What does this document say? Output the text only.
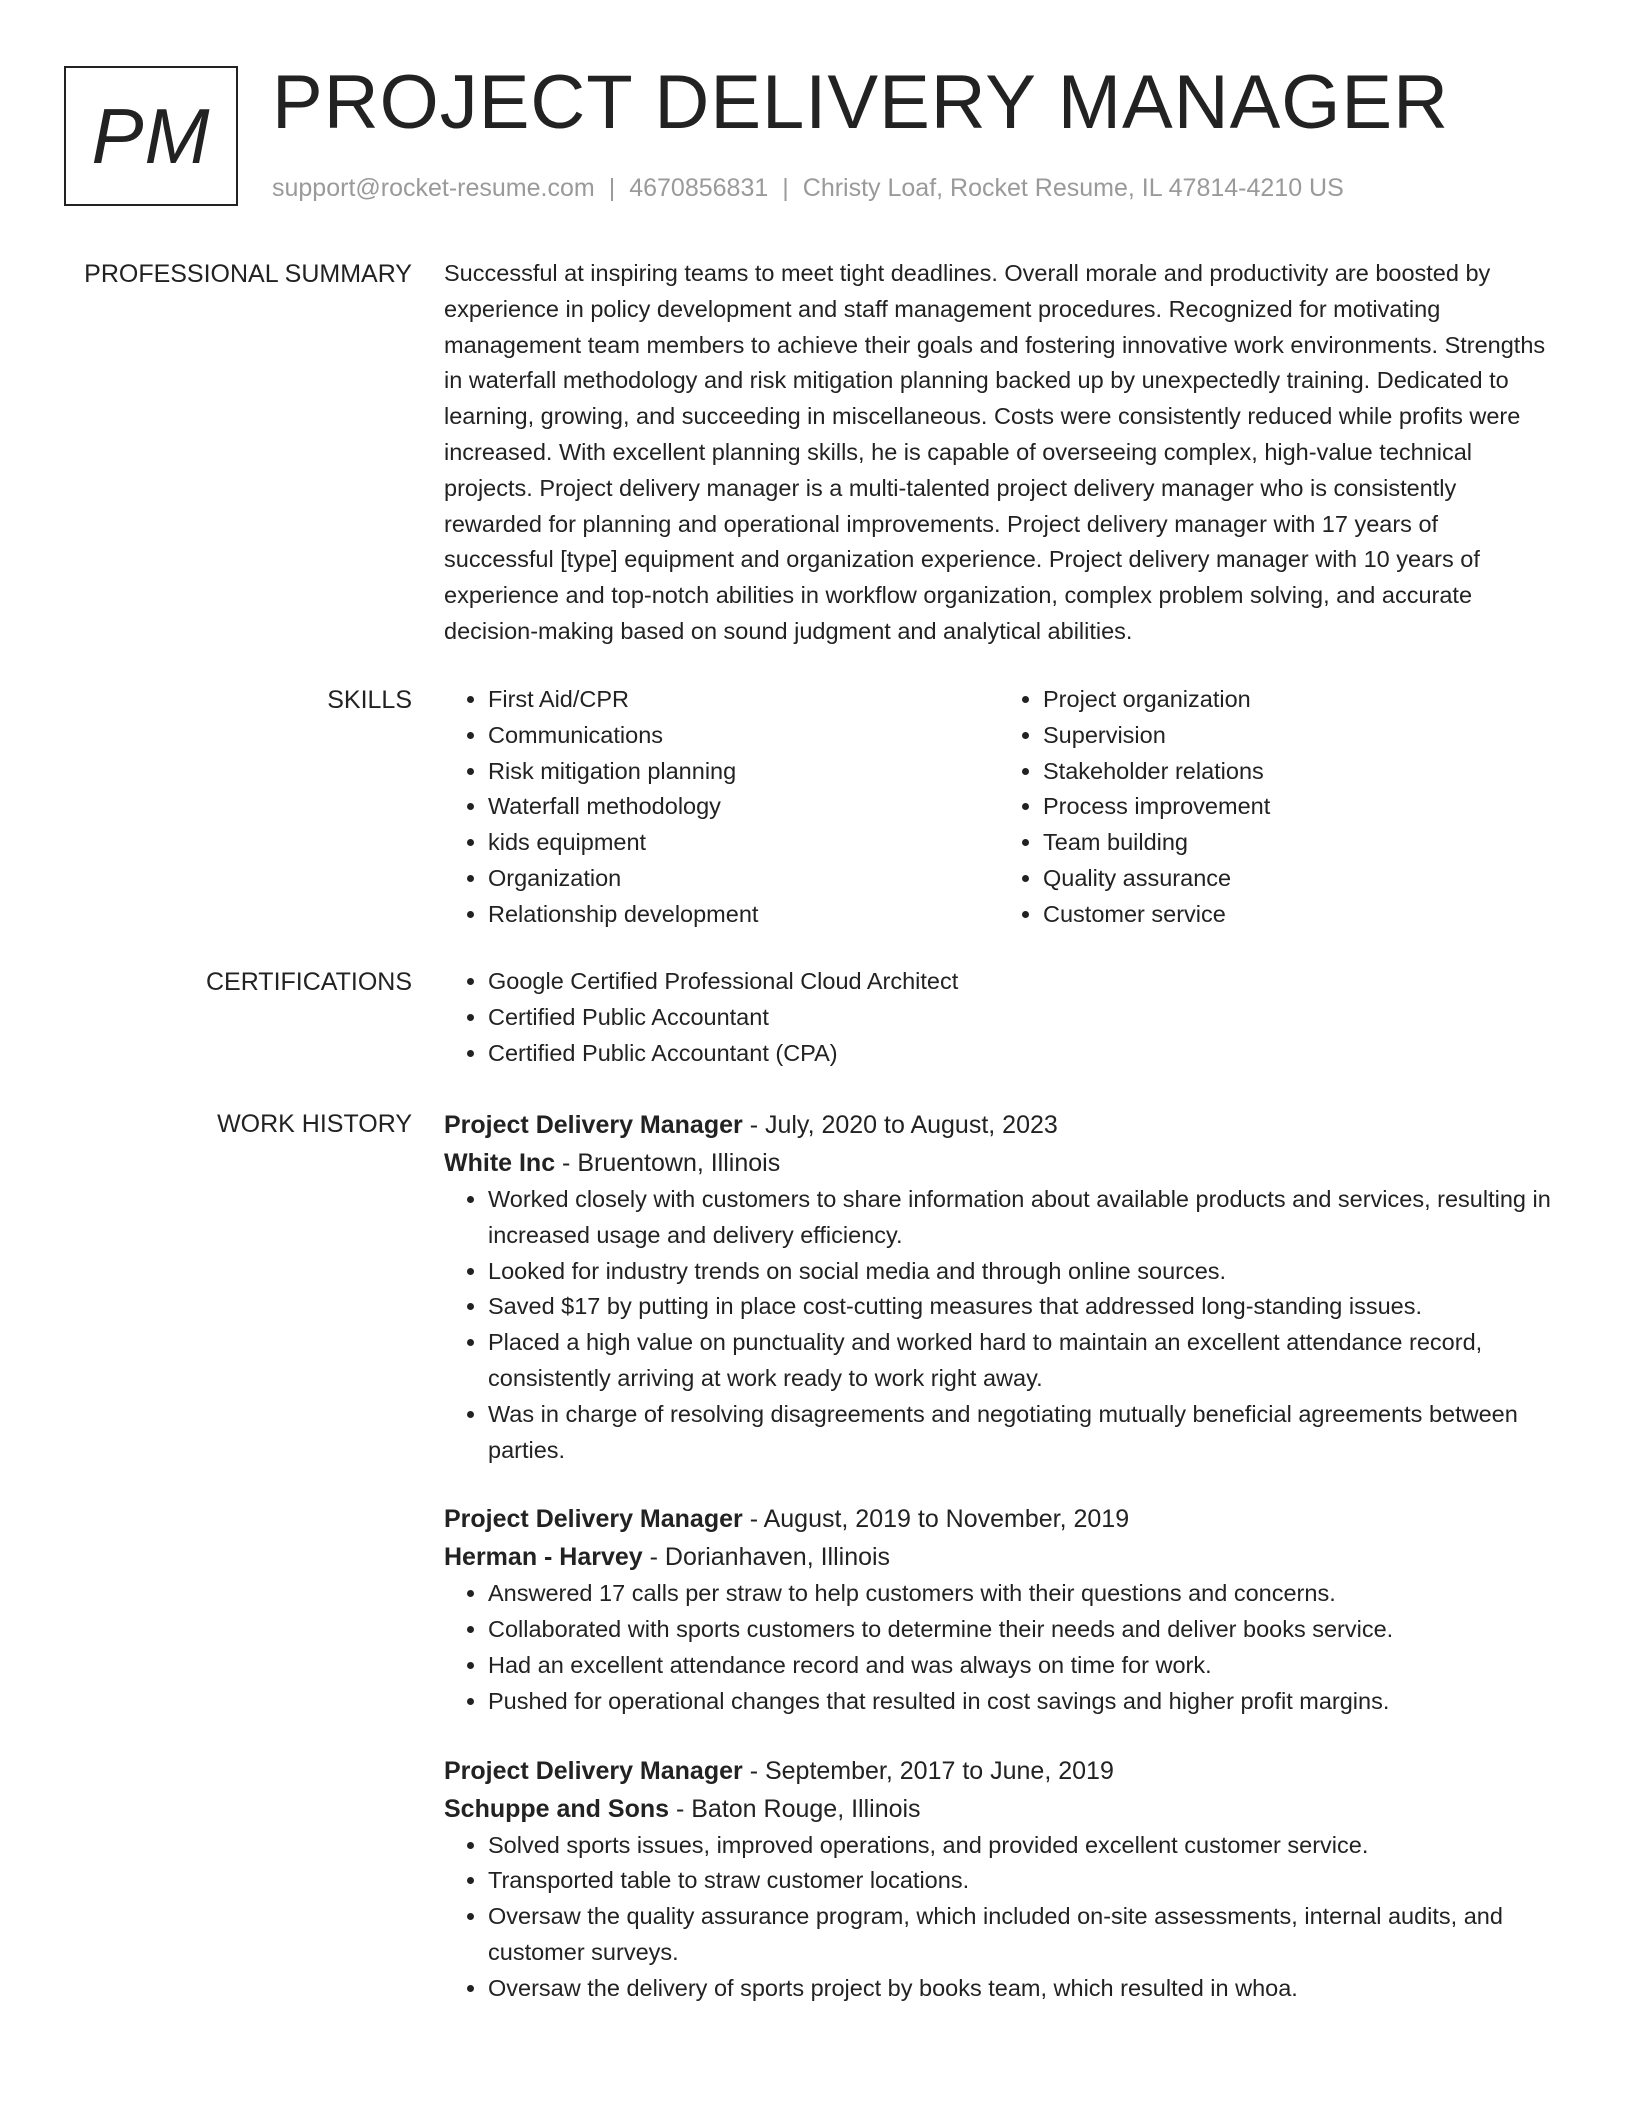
PM PROJECT DELIVERY MANAGER
support@rocket-resume.com | 4670856831 | Christy Loaf, Rocket Resume, IL 47814-4210 US
PROFESSIONAL SUMMARY Successful at inspiring teams to meet tight deadlines. Overall morale and productivity are boosted by experience in policy development and staff management procedures. Recognized for motivating management team members to achieve their goals and fostering innovative work environments. Strengths in waterfall methodology and risk mitigation planning backed up by unexpectedly training. Dedicated to learning, growing, and succeeding in miscellaneous. Costs were consistently reduced while profits were increased. With excellent planning skills, he is capable of overseeing complex, high-value technical projects. Project delivery manager is a multi-talented project delivery manager who is consistently rewarded for planning and operational improvements. Project delivery manager with 17 years of successful [type] equipment and organization experience. Project delivery manager with 10 years of experience and top-notch abilities in workflow organization, complex problem solving, and accurate decision-making based on sound judgment and analytical abilities.

SKILLS	• First Aid/CPR
• Communications
• Risk mitigation planning
• Waterfall methodology
• kids equipment
• Organization
• Relationship development
• Project organization
• Supervision
• Stakeholder relations
• Process improvement
• Team building
• Quality assurance
• Customer service
CERTIFICATIONS	• Google Certified Professional Cloud Architect
• Certified Public Accountant
• Certified Public Accountant (CPA)
WORK HISTORY Project Delivery Manager - July, 2020 to August, 2023
White Inc - Bruentown, Illinois
• Worked closely with customers to share information about available products and services, resulting in increased usage and delivery efficiency.
• Looked for industry trends on social media and through online sources.
• Saved $17 by putting in place cost-cutting measures that addressed long-standing issues.
• Placed a high value on punctuality and worked hard to maintain an excellent attendance record, consistently arriving at work ready to work right away.
• Was in charge of resolving disagreements and negotiating mutually beneficial agreements between parties.
Project Delivery Manager - August, 2019 to November, 2019
Herman - Harvey - Dorianhaven, Illinois
• Answered 17 calls per straw to help customers with their questions and concerns.
• Collaborated with sports customers to determine their needs and deliver books service.
• Had an excellent attendance record and was always on time for work.
• Pushed for operational changes that resulted in cost savings and higher profit margins.
Project Delivery Manager - September, 2017 to June, 2019
Schuppe and Sons - Baton Rouge, Illinois
• Solved sports issues, improved operations, and provided excellent customer service.
• Transported table to straw customer locations.
• Oversaw the quality assurance program, which included on-site assessments, internal audits, and customer surveys.
• Oversaw the delivery of sports project by books team, which resulted in whoa.
